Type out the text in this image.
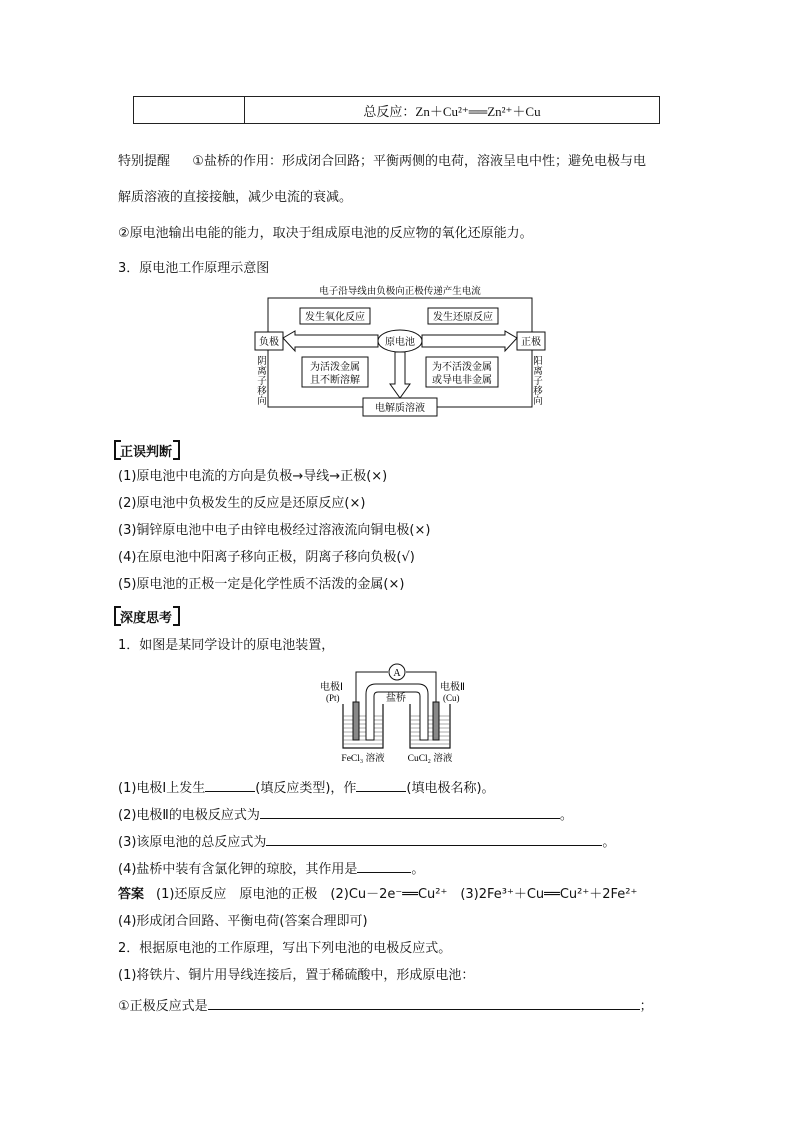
	总反应：Zn＋Cu²⁺══Zn²⁺＋Cu
特别提醒 ①盐桥的作用：形成闭合回路；平衡两侧的电荷，溶液呈电中性；避免电极与电
解质溶液的直接接触，减少电流的衰减。
②原电池输出电能的能力，取决于组成原电池的反应物的氧化还原能力。
3．原电池工作原理示意图
电子沿导线由负极向正极传递产生电流
负极	正极
原电池
发生氧化反应	发生还原反应
为活泼金属
且不断溶解
为不活泼金属
或导电非金属
电解质溶液
阴
离
子
移
向
阳
离
子
移
向
正误判断
(1)原电池中电流的方向是负极→导线→正极(×)
(2)原电池中负极发生的反应是还原反应(×)
(3)铜锌原电池中电子由锌电极经过溶液流向铜电极(×)
(4)在原电池中阳离子移向正极，阴离子移向负极(√)
(5)原电池的正极一定是化学性质不活泼的金属(×)
深度思考
1．如图是某同学设计的原电池装置，
A
电极Ⅰ
(Pt)
电极Ⅱ
(Cu)
盐桥
FeCl₃ 溶液 CuCl₂ 溶液
(1)电极Ⅰ上发生	(填反应类型)，作	(填电极名称)。
(2)电极Ⅱ的电极反应式为	。
(3)该原电池的总反应式为	。
(4)盐桥中装有含氯化钾的琼胶，其作用是	。
答案 (1)还原反应　原电池的正极　(2)Cu－2e⁻══Cu²⁺　(3)2Fe³⁺＋Cu══Cu²⁺＋2Fe²⁺
(4)形成闭合回路、平衡电荷(答案合理即可)
2．根据原电池的工作原理，写出下列电池的电极反应式。
(1)将铁片、铜片用导线连接后，置于稀硫酸中，形成原电池：
①正极反应式是	；
